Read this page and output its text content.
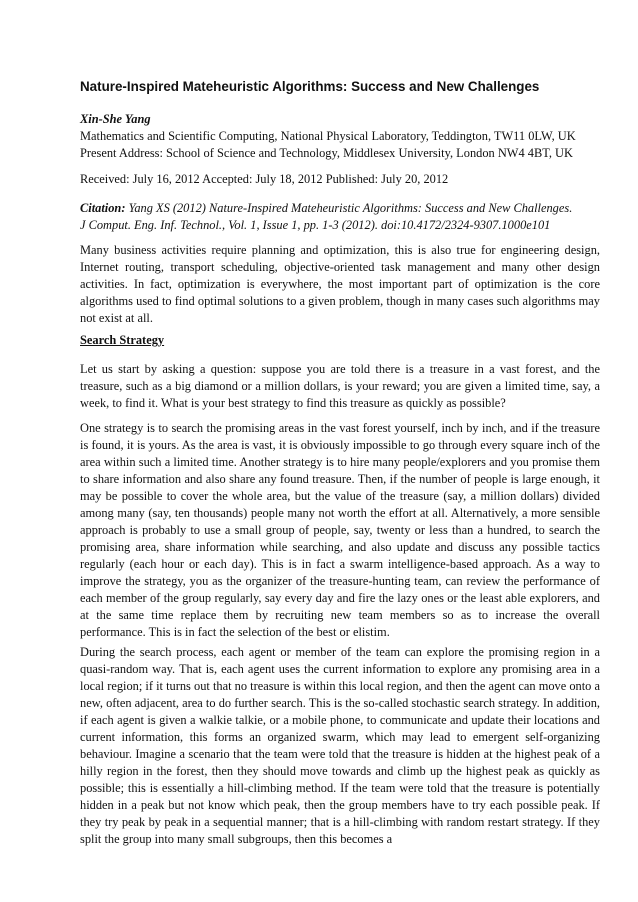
Nature-Inspired Mateheuristic Algorithms: Success and New Challenges
Xin-She Yang
Mathematics and Scientific Computing, National Physical Laboratory, Teddington, TW11 0LW, UK
Present Address: School of Science and Technology, Middlesex University, London NW4 4BT, UK
Received: July 16, 2012 Accepted: July 18, 2012 Published: July 20, 2012
Citation: Yang XS (2012) Nature-Inspired Mateheuristic Algorithms: Success and New Challenges.
J Comput. Eng. Inf. Technol., Vol. 1, Issue 1, pp. 1-3 (2012). doi:10.4172/2324-9307.1000e101

Many business activities require planning and optimization, this is also true for engineering design, Internet routing, transport scheduling, objective-oriented task management and many other design activities. In fact, optimization is everywhere, the most important part of optimization is the core algorithms used to find optimal solutions to a given problem, though in many cases such algorithms may not exist at all.

Search Strategy

Let us start by asking a question: suppose you are told there is a treasure in a vast forest, and the treasure, such as a big diamond or a million dollars, is your reward; you are given a limited time, say, a week, to find it. What is your best strategy to find this treasure as quickly as possible?

One strategy is to search the promising areas in the vast forest yourself, inch by inch, and if the treasure is found, it is yours. As the area is vast, it is obviously impossible to go through every square inch of the area within such a limited time. Another strategy is to hire many people/explorers and you promise them to share information and also share any found treasure. Then, if the number of people is large enough, it may be possible to cover the whole area, but the value of the treasure (say, a million dollars) divided among many (say, ten thousands) people many not worth the effort at all. Alternatively, a more sensible approach is probably to use a small group of people, say, twenty or less than a hundred, to search the promising area, share information while searching, and also update and discuss any possible tactics regularly (each hour or each day). This is in fact a swarm intelligence-based approach. As a way to improve the strategy, you as the organizer of the treasure-hunting team, can review the performance of each member of the group regularly, say every day and fire the lazy ones or the least able explorers, and at the same time replace them by recruiting new team members so as to increase the overall performance. This is in fact the selection of the best or elistim.

During the search process, each agent or member of the team can explore the promising region in a quasi-random way. That is, each agent uses the current information to explore any promising area in a local region; if it turns out that no treasure is within this local region, and then the agent can move onto a new, often adjacent, area to do further search. This is the so-called stochastic search strategy. In addition, if each agent is given a walkie talkie, or a mobile phone, to communicate and update their locations and current information, this forms an organized swarm, which may lead to emergent self-organizing behaviour. Imagine a scenario that the team were told that the treasure is hidden at the highest peak of a hilly region in the forest, then they should move towards and climb up the highest peak as quickly as possible; this is essentially a hill-climbing method. If the team were told that the treasure is potentially hidden in a peak but not know which peak, then the group members have to try each possible peak. If they try peak by peak in a sequential manner; that is a hill-climbing with random restart strategy. If they split the group into many small subgroups, then this becomes a
